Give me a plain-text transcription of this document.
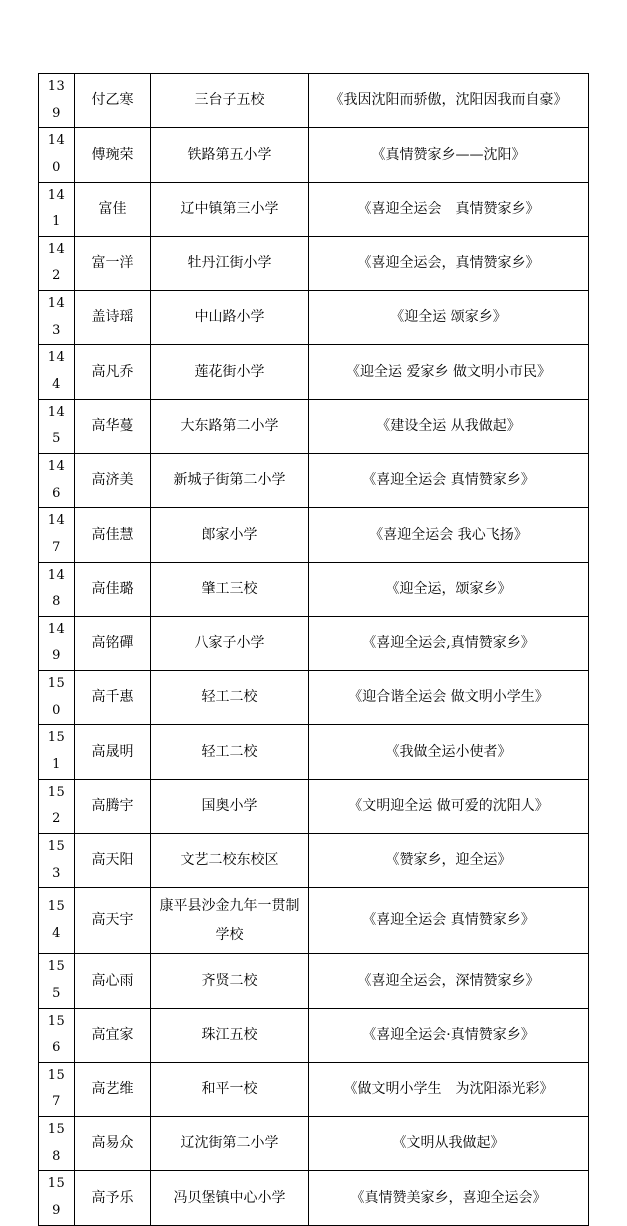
139	付乙寒	三台子五校	《我因沈阳而骄傲，沈阳因我而自豪》
140	傅琬荣	铁路第五小学	《真情赞家乡——沈阳》
141	富佳	辽中镇第三小学	《喜迎全运会　真情赞家乡》
142	富一洋	牡丹江街小学	《喜迎全运会，真情赞家乡》
143	盖诗瑶	中山路小学	《迎全运 颂家乡》
144	高凡乔	莲花街小学	《迎全运 爱家乡 做文明小市民》
145	高华蔓	大东路第二小学	《建设全运 从我做起》
146	高济美	新城子街第二小学	《喜迎全运会 真情赞家乡》
147	高佳慧	郎家小学	《喜迎全运会 我心飞扬》
148	高佳璐	肇工三校	《迎全运，颂家乡》
149	高铭磾	八家子小学	《喜迎全运会,真情赞家乡》
150	高千惠	轻工二校	《迎合谐全运会 做文明小学生》
151	高晟明	轻工二校	《我做全运小使者》
152	高腾宇	国奥小学	《文明迎全运 做可爱的沈阳人》
153	高天阳	文艺二校东校区	《赞家乡，迎全运》
154	高天宇	康平县沙金九年一贯制学校	《喜迎全运会 真情赞家乡》
155	高心雨	齐贤二校	《喜迎全运会，深情赞家乡》
156	高宜家	珠江五校	《喜迎全运会·真情赞家乡》
157	高艺维	和平一校	《做文明小学生　为沈阳添光彩》
158	高易众	辽沈街第二小学	《文明从我做起》
159	高予乐	冯贝堡镇中心小学	《真情赞美家乡，喜迎全运会》
